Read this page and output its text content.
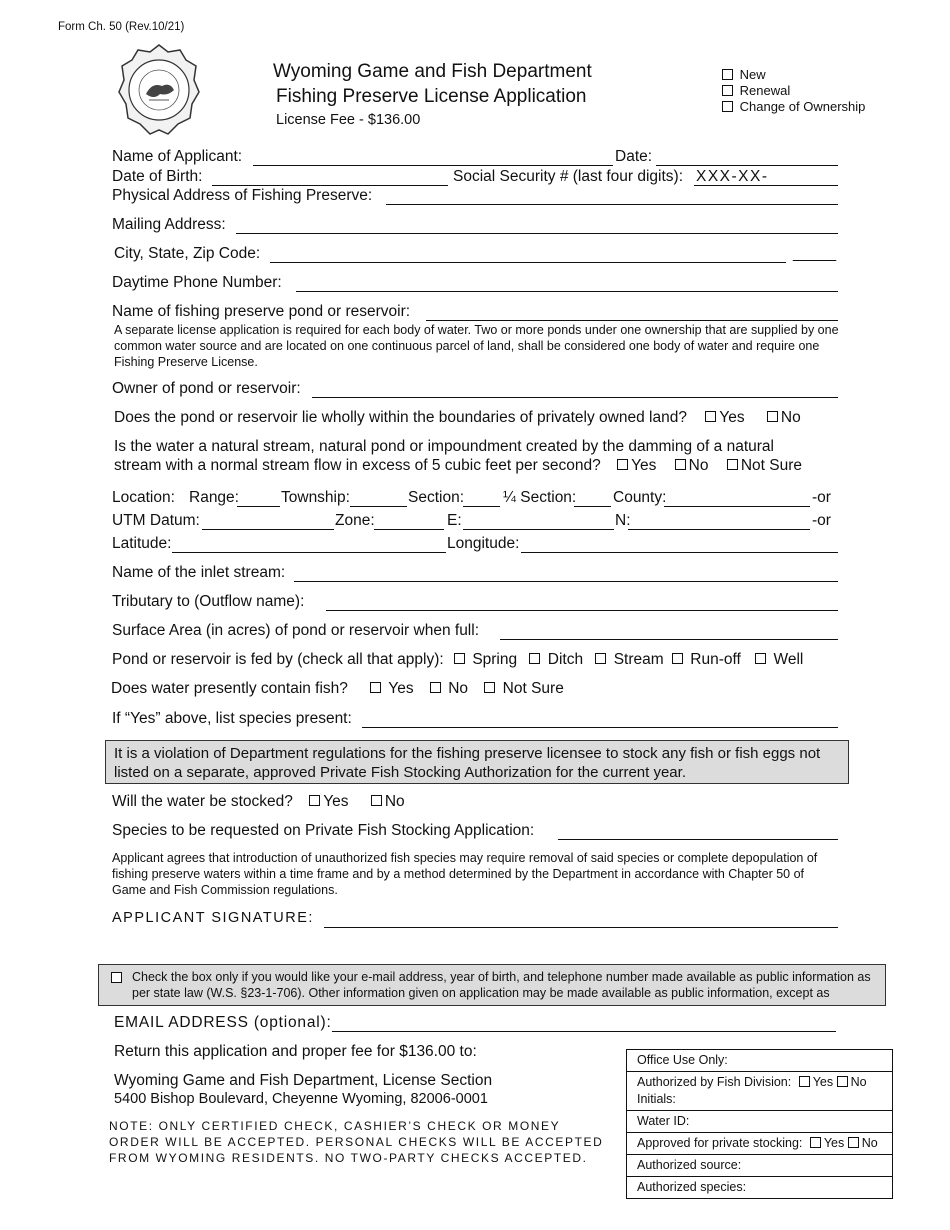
Form Ch. 50 (Rev.10/21)
Wyoming Game and Fish Department
Fishing Preserve License Application
License Fee - $136.00
New
Renewal
Change of Ownership
Name of Applicant:	Date:
Date of Birth:	Social Security # (last four digits): XXX-XX-
Physical Address of Fishing Preserve:
Mailing Address:
City, State, Zip Code:	_____
Daytime Phone Number:
Name of fishing preserve pond or reservoir:
A separate license application is required for each body of water. Two or more ponds under one ownership that are supplied by one common water source and are located on one continuous parcel of land, shall be considered one body of water and require one Fishing Preserve License.
Owner of pond or reservoir:
Does the pond or reservoir lie wholly within the boundaries of privately owned land? Yes No
Is the water a natural stream, natural pond or impoundment created by the damming of a natural
stream with a normal stream flow in excess of 5 cubic feet per second? Yes No Not Sure
Location: Range:	Township:	Section:	¼ Section: County:	-or
UTM Datum:	Zone:	E:	N:	-or
Latitude:	Longitude:
Name of the inlet stream:
Tributary to (Outflow name):
Surface Area (in acres) of pond or reservoir when full:
Pond or reservoir is fed by (check all that apply): Spring Ditch Stream Run-off Well
Does water presently contain fish?	Yes No Not Sure
If “Yes” above, list species present:
It is a violation of Department regulations for the fishing preserve licensee to stock any fish or fish eggs not listed on a separate, approved Private Fish Stocking Authorization for the current year.
Will the water be stocked? Yes No
Species to be requested on Private Fish Stocking Application:
Applicant agrees that introduction of unauthorized fish species may require removal of said species or complete depopulation of fishing preserve waters within a time frame and by a method determined by the Department in accordance with Chapter 50 of Game and Fish Commission regulations.
APPLICANT SIGNATURE:
Check the box only if you would like your e-mail address, year of birth, and telephone number made available as public information as per state law (W.S. §23-1-706). Other information given on application may be made available as public information, except as
EMAIL ADDRESS (optional):
Return this application and proper fee for $136.00 to:
Wyoming Game and Fish Department, License Section
5400 Bishop Boulevard, Cheyenne Wyoming, 82006-0001
NOTE: ONLY CERTIFIED CHECK, CASHIER’S CHECK OR MONEY ORDER WILL BE ACCEPTED. PERSONAL CHECKS WILL BE ACCEPTED FROM WYOMING RESIDENTS. NO TWO-PARTY CHECKS ACCEPTED.
Office Use Only:
Authorized by Fish Division: Yes No
Initials:
Water ID:
Approved for private stocking: Yes No
Authorized source:
Authorized species:
